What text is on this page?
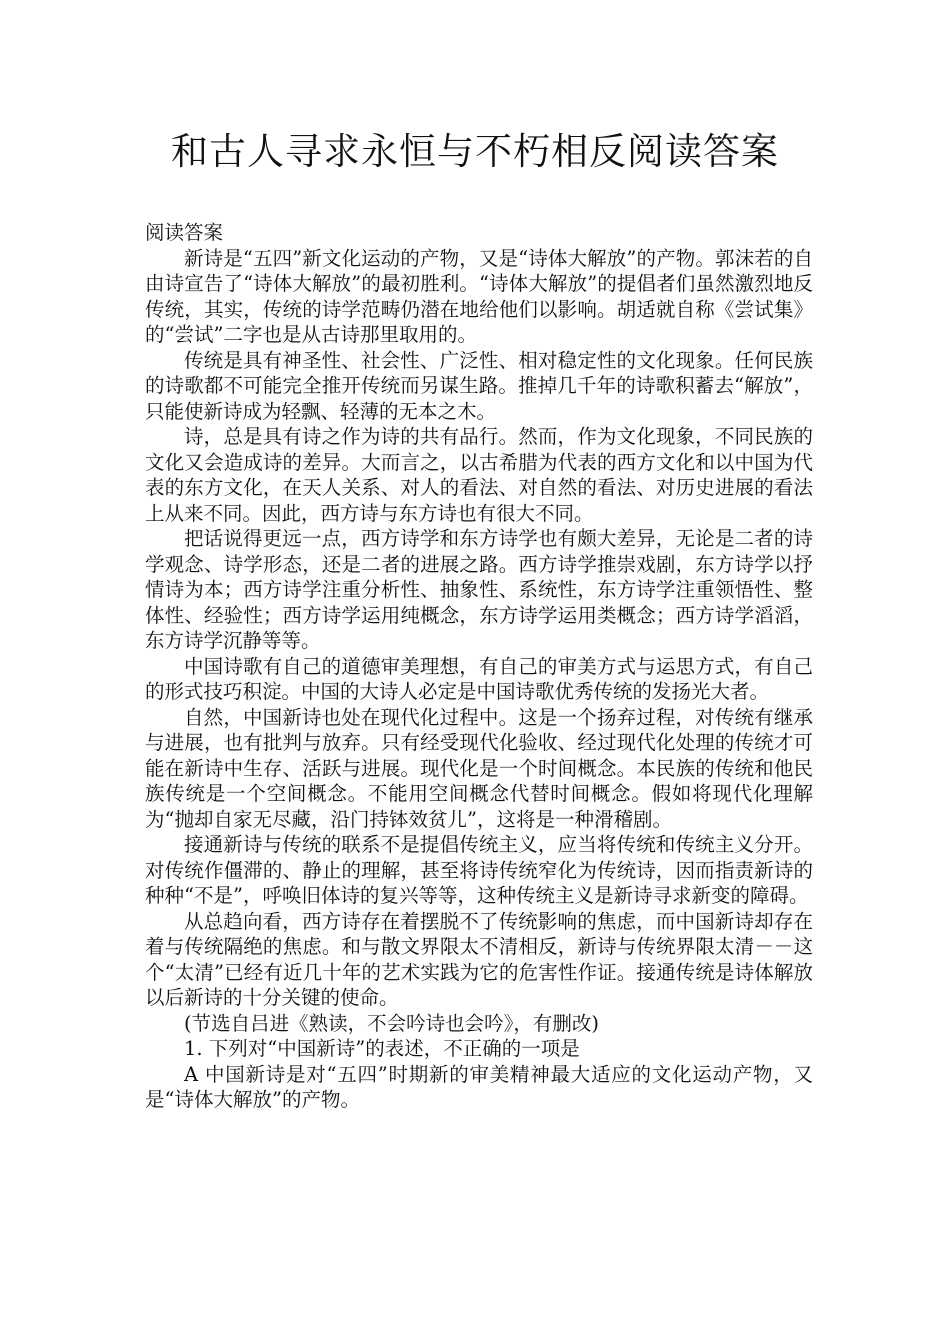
和古人寻求永恒与不朽相反阅读答案

阅读答案

新诗是“五四”新文化运动的产物，又是“诗体大解放”的产物。郭沫若的自由诗宣告了“诗体大解放”的最初胜利。“诗体大解放”的提倡者们虽然激烈地反传统，其实，传统的诗学范畴仍潜在地给他们以影响。胡适就自称《尝试集》的“尝试”二字也是从古诗那里取用的。

传统是具有神圣性、社会性、广泛性、相对稳定性的文化现象。任何民族的诗歌都不可能完全推开传统而另谋生路。推掉几千年的诗歌积蓄去“解放”，只能使新诗成为轻飘、轻薄的无本之木。

诗，总是具有诗之作为诗的共有品行。然而，作为文化现象，不同民族的文化又会造成诗的差异。大而言之，以古希腊为代表的西方文化和以中国为代表的东方文化，在天人关系、对人的看法、对自然的看法、对历史进展的看法上从来不同。因此，西方诗与东方诗也有很大不同。

把话说得更远一点，西方诗学和东方诗学也有颇大差异，无论是二者的诗学观念、诗学形态，还是二者的进展之路。西方诗学推崇戏剧，东方诗学以抒情诗为本；西方诗学注重分析性、抽象性、系统性，东方诗学注重领悟性、整体性、经验性；西方诗学运用纯概念，东方诗学运用类概念；西方诗学滔滔，东方诗学沉静等等。

中国诗歌有自己的道德审美理想，有自己的审美方式与运思方式，有自己的形式技巧积淀。中国的大诗人必定是中国诗歌优秀传统的发扬光大者。

自然，中国新诗也处在现代化过程中。这是一个扬弃过程，对传统有继承与进展，也有批判与放弃。只有经受现代化验收、经过现代化处理的传统才可能在新诗中生存、活跃与进展。现代化是一个时间概念。本民族的传统和他民族传统是一个空间概念。不能用空间概念代替时间概念。假如将现代化理解为“抛却自家无尽藏，沿门持钵效贫儿”，这将是一种滑稽剧。

接通新诗与传统的联系不是提倡传统主义，应当将传统和传统主义分开。对传统作僵滞的、静止的理解，甚至将诗传统窄化为传统诗，因而指责新诗的种种“不是”，呼唤旧体诗的复兴等等，这种传统主义是新诗寻求新变的障碍。

从总趋向看，西方诗存在着摆脱不了传统影响的焦虑，而中国新诗却存在着与传统隔绝的焦虑。和与散文界限太不清相反，新诗与传统界限太清－－这个“太清”已经有近几十年的艺术实践为它的危害性作证。接通传统是诗体解放以后新诗的十分关键的使命。

(节选自吕进《熟读，不会吟诗也会吟》，有删改)

1. 下列对“中国新诗”的表述，不正确的一项是

A 中国新诗是对“五四”时期新的审美精神最大适应的文化运动产物，又是“诗体大解放”的产物。
